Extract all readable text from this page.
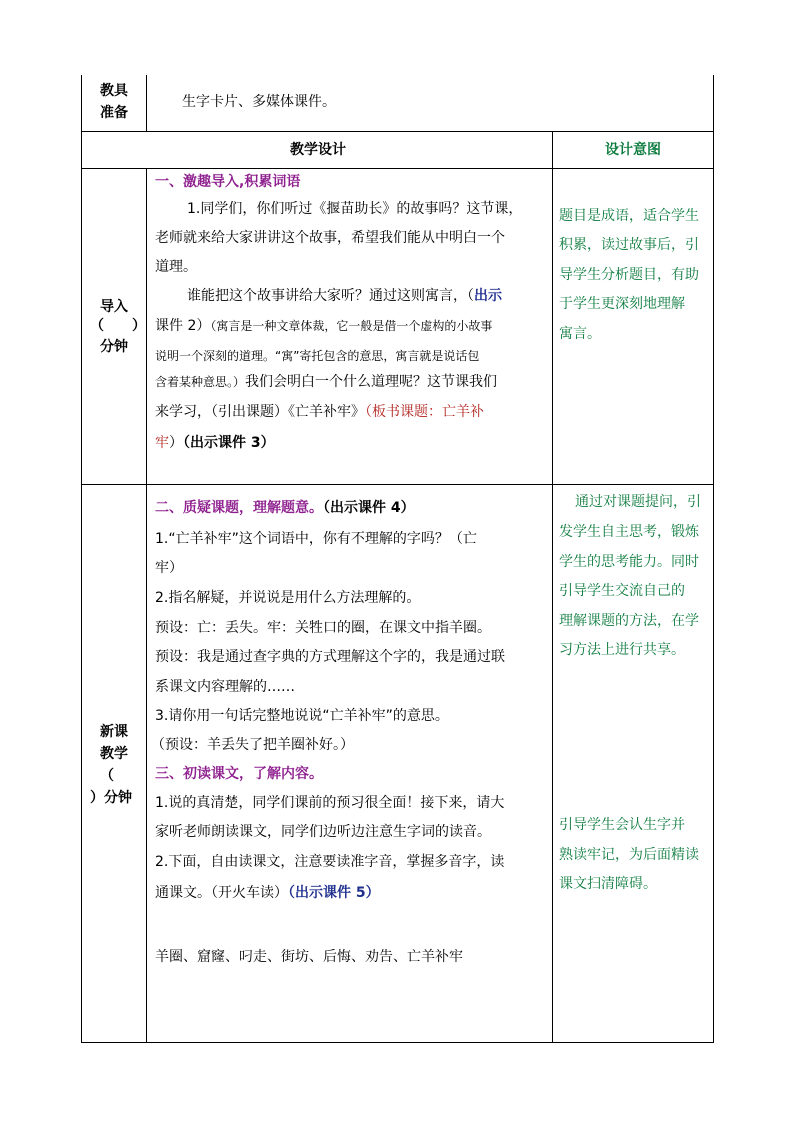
教具
准备
生字卡片、多媒体课件。
教学设计	设计意图
导入
（　　）
分钟
一、激趣导入,积累词语
1.同学们，你们听过《揠苗助长》的故事吗？这节课，
老师就来给大家讲讲这个故事，希望我们能从中明白一个
道理。
谁能把这个故事讲给大家听？通过这则寓言，（出示
课件 2）（寓言是一种文章体裁，它一般是借一个虚构的小故事
说明一个深刻的道理。“寓”寄托包含的意思，寓言就是说话包
含着某种意思。）我们会明白一个什么道理呢？这节课我们
来学习，（引出课题）《亡羊补牢》（板书课题：亡羊补
牢）（出示课件 3）
题目是成语，适合学生
积累，读过故事后，引
导学生分析题目，有助
于学生更深刻地理解
寓言。
新课
教学
（
）分钟
二、质疑课题，理解题意。（出示课件 4）
1.“亡羊补牢”这个词语中，你有不理解的字吗？（亡
牢）
2.指名解疑，并说说是用什么方法理解的。
预设：亡：丢失。牢：关牲口的圈，在课文中指羊圈。
预设：我是通过查字典的方式理解这个字的，我是通过联
系课文内容理解的……
3.请你用一句话完整地说说“亡羊补牢”的意思。
（预设：羊丢失了把羊圈补好。）
三、初读课文，了解内容。
1.说的真清楚，同学们课前的预习很全面！接下来，请大
家听老师朗读课文，同学们边听边注意生字词的读音。
2.下面，自由读课文，注意要读准字音，掌握多音字，读
通课文。（开火车读）（出示课件 5）
羊圈、窟窿、叼走、街坊、后悔、劝告、亡羊补牢
通过对课题提问，引
发学生自主思考，锻炼
学生的思考能力。同时
引导学生交流自己的
理解课题的方法，在学
习方法上进行共享。
引导学生会认生字并
熟读牢记，为后面精读
课文扫清障碍。
